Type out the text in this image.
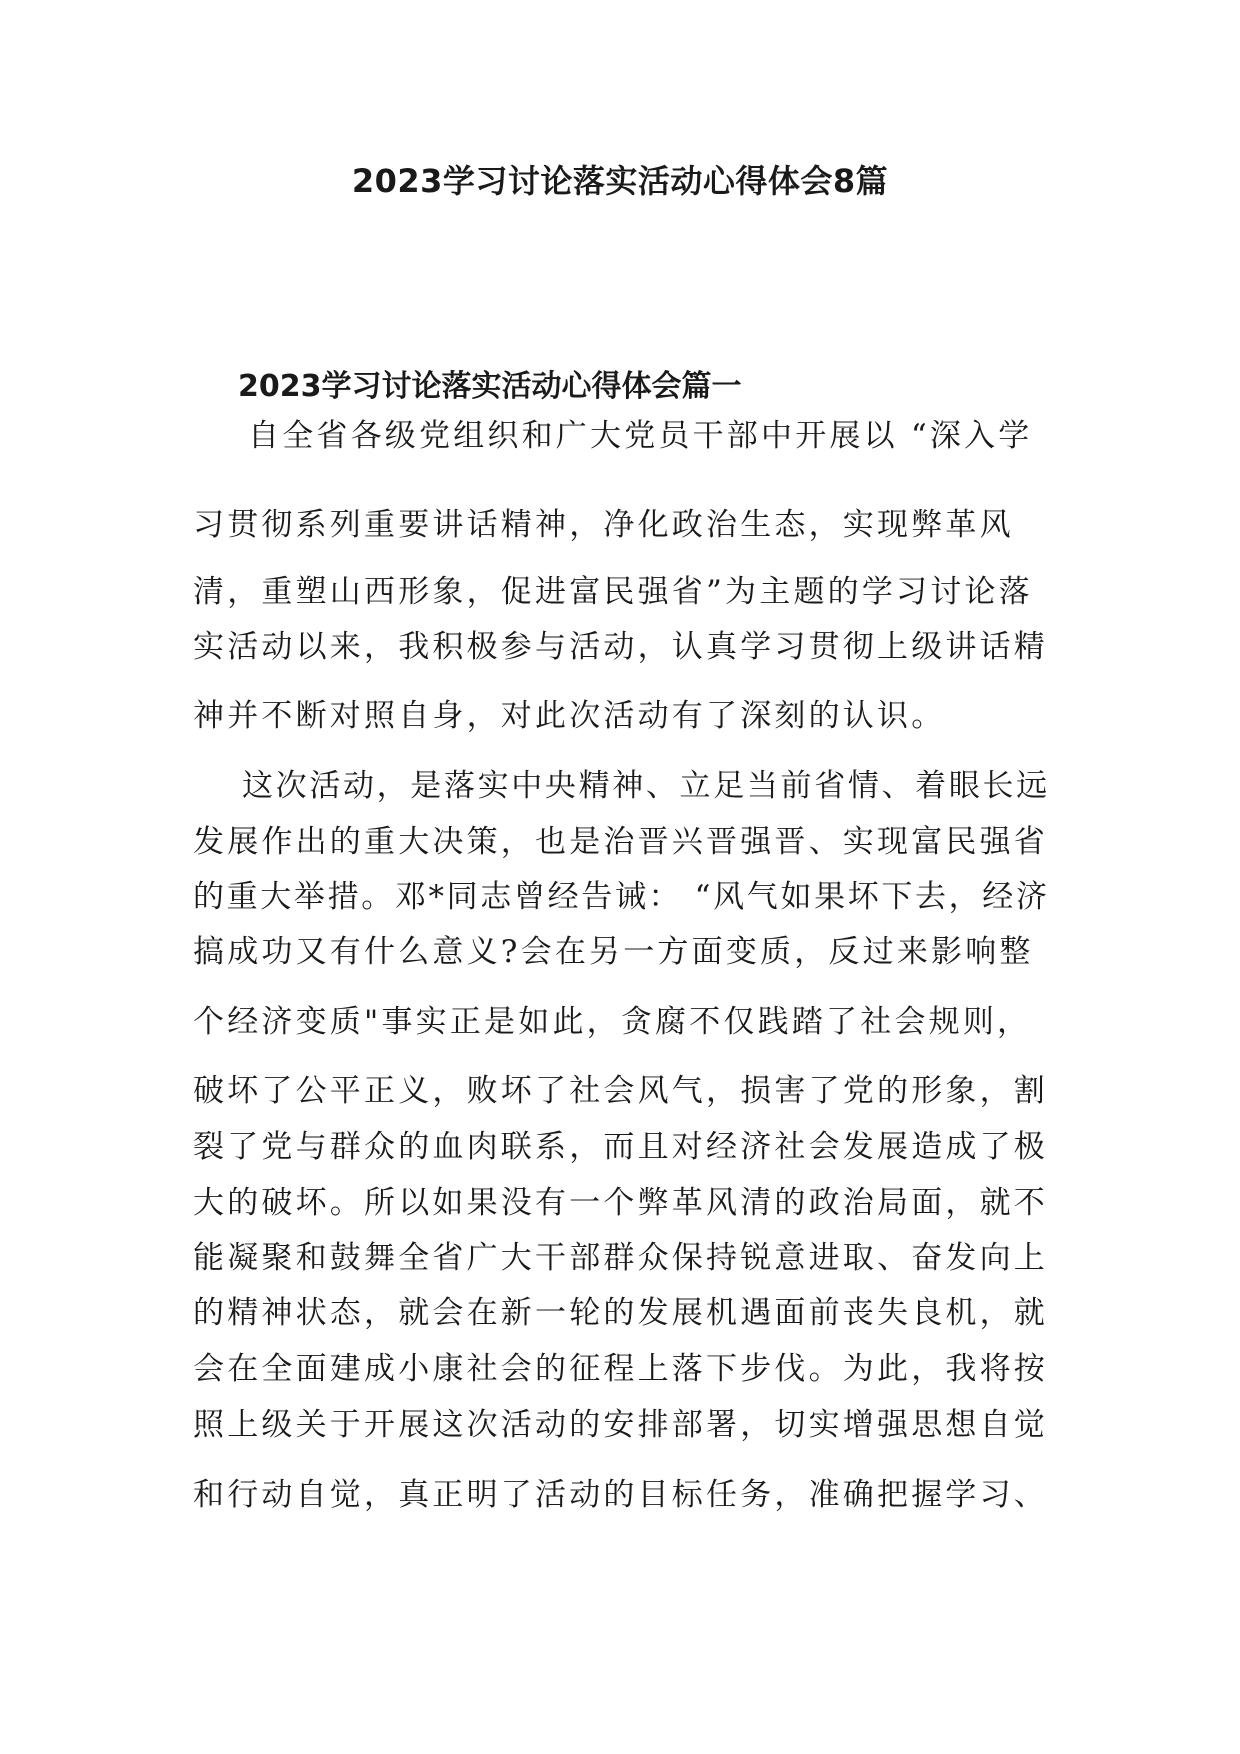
2023学习讨论落实活动心得体会8篇
2023学习讨论落实活动心得体会篇一
自全省各级党组织和广大党员干部中开展以 “深入学
习贯彻系列重要讲话精神，净化政治生态，实现弊革风
清，重塑山西形象，促进富民强省”为主题的学习讨论落
实活动以来，我积极参与活动，认真学习贯彻上级讲话精
神并不断对照自身，对此次活动有了深刻的认识。
这次活动，是落实中央精神、立足当前省情、着眼长远
发展作出的重大决策，也是治晋兴晋强晋、实现富民强省
的重大举措。邓*同志曾经告诫： “风气如果坏下去，经济
搞成功又有什么意义?会在另一方面变质，反过来影响整
个经济变质"事实正是如此，贪腐不仅践踏了社会规则，
破坏了公平正义，败坏了社会风气，损害了党的形象，割
裂了党与群众的血肉联系，而且对经济社会发展造成了极
大的破坏。所以如果没有一个弊革风清的政治局面，就不
能凝聚和鼓舞全省广大干部群众保持锐意进取、奋发向上
的精神状态，就会在新一轮的发展机遇面前丧失良机，就
会在全面建成小康社会的征程上落下步伐。为此，我将按
照上级关于开展这次活动的安排部署，切实增强思想自觉
和行动自觉，真正明了活动的目标任务，准确把握学习、
